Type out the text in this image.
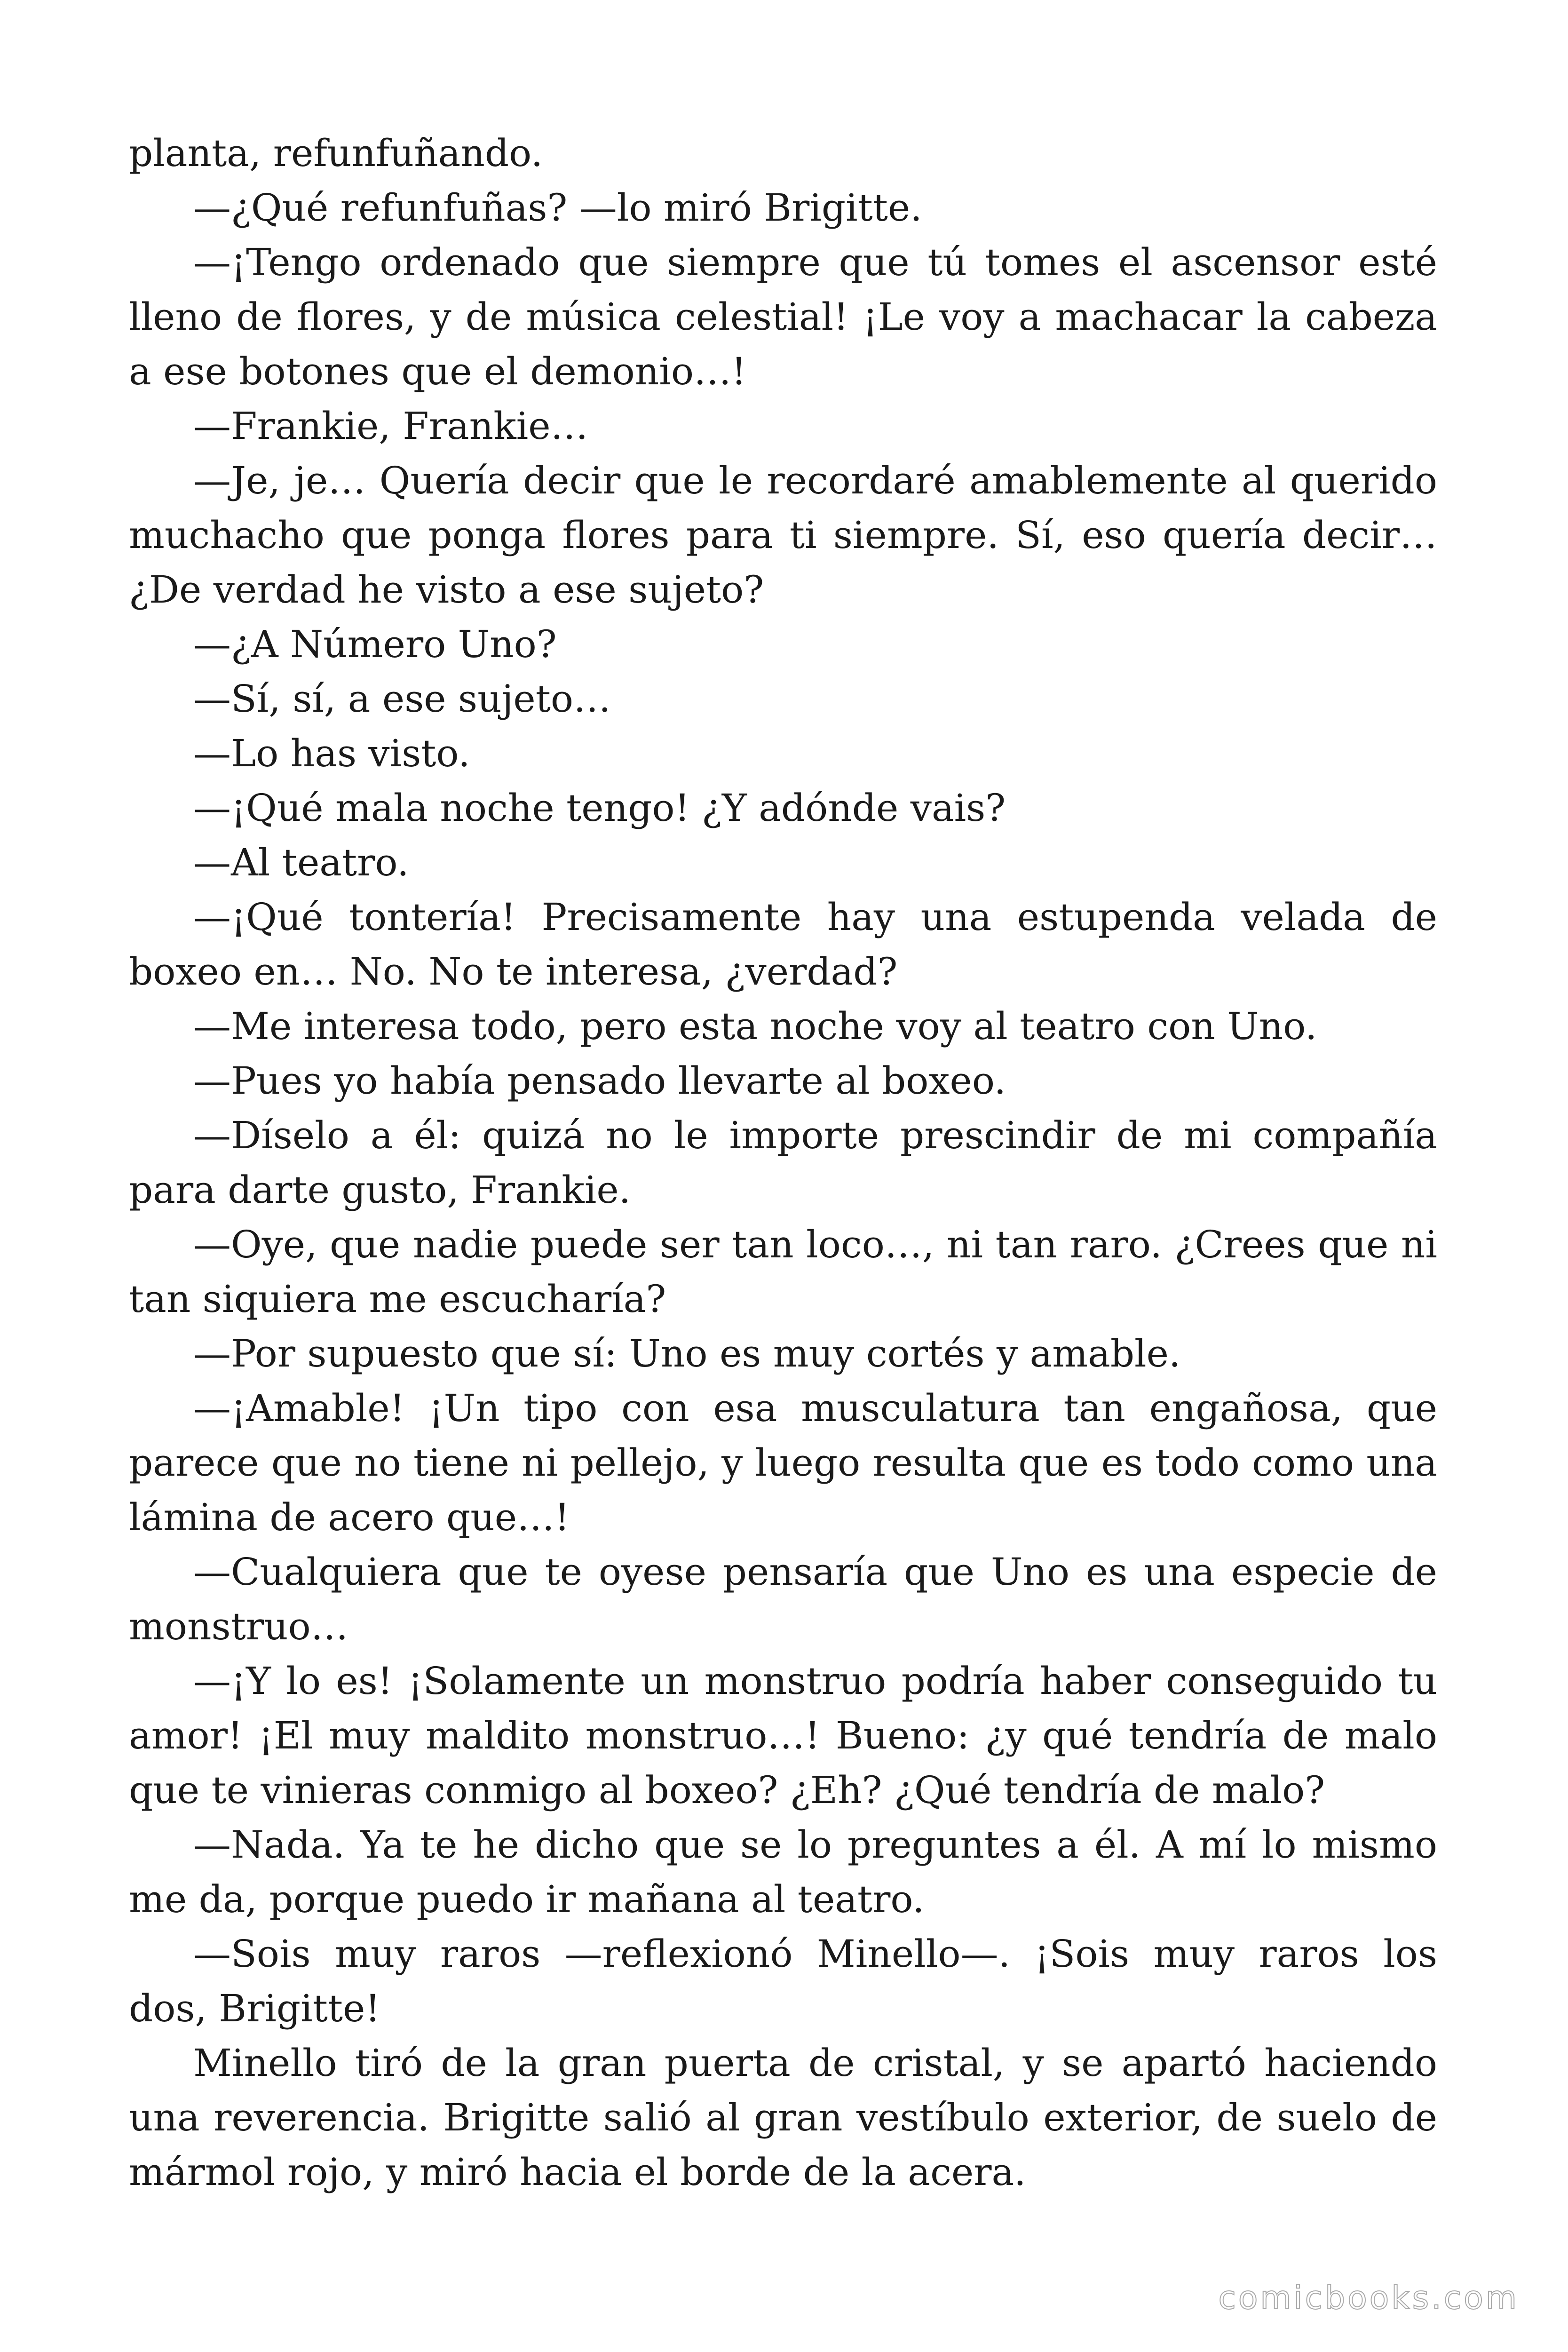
planta, refunfuñando.
—¿Qué refunfuñas? —lo miró Brigitte.
—¡Tengo ordenado que siempre que tú tomes el ascensor esté
lleno de flores, y de música celestial! ¡Le voy a machacar la cabeza
a ese botones que el demonio…!
—Frankie, Frankie…
—Je, je… Quería decir que le recordaré amablemente al querido
muchacho que ponga flores para ti siempre. Sí, eso quería decir…
¿De verdad he visto a ese sujeto?
—¿A Número Uno?
—Sí, sí, a ese sujeto…
—Lo has visto.
—¡Qué mala noche tengo! ¿Y adónde vais?
—Al teatro.
—¡Qué tontería! Precisamente hay una estupenda velada de
boxeo en… No. No te interesa, ¿verdad?
—Me interesa todo, pero esta noche voy al teatro con Uno.
—Pues yo había pensado llevarte al boxeo.
—Díselo a él: quizá no le importe prescindir de mi compañía
para darte gusto, Frankie.
—Oye, que nadie puede ser tan loco…, ni tan raro. ¿Crees que ni
tan siquiera me escucharía?
—Por supuesto que sí: Uno es muy cortés y amable.
—¡Amable! ¡Un tipo con esa musculatura tan engañosa, que
parece que no tiene ni pellejo, y luego resulta que es todo como una
lámina de acero que…!
—Cualquiera que te oyese pensaría que Uno es una especie de
monstruo…
—¡Y lo es! ¡Solamente un monstruo podría haber conseguido tu
amor! ¡El muy maldito monstruo…! Bueno: ¿y qué tendría de malo
que te vinieras conmigo al boxeo? ¿Eh? ¿Qué tendría de malo?
—Nada. Ya te he dicho que se lo preguntes a él. A mí lo mismo
me da, porque puedo ir mañana al teatro.
—Sois muy raros —reflexionó Minello—. ¡Sois muy raros los
dos, Brigitte!
Minello tiró de la gran puerta de cristal, y se apartó haciendo
una reverencia. Brigitte salió al gran vestíbulo exterior, de suelo de
mármol rojo, y miró hacia el borde de la acera.
comicbooks.com
